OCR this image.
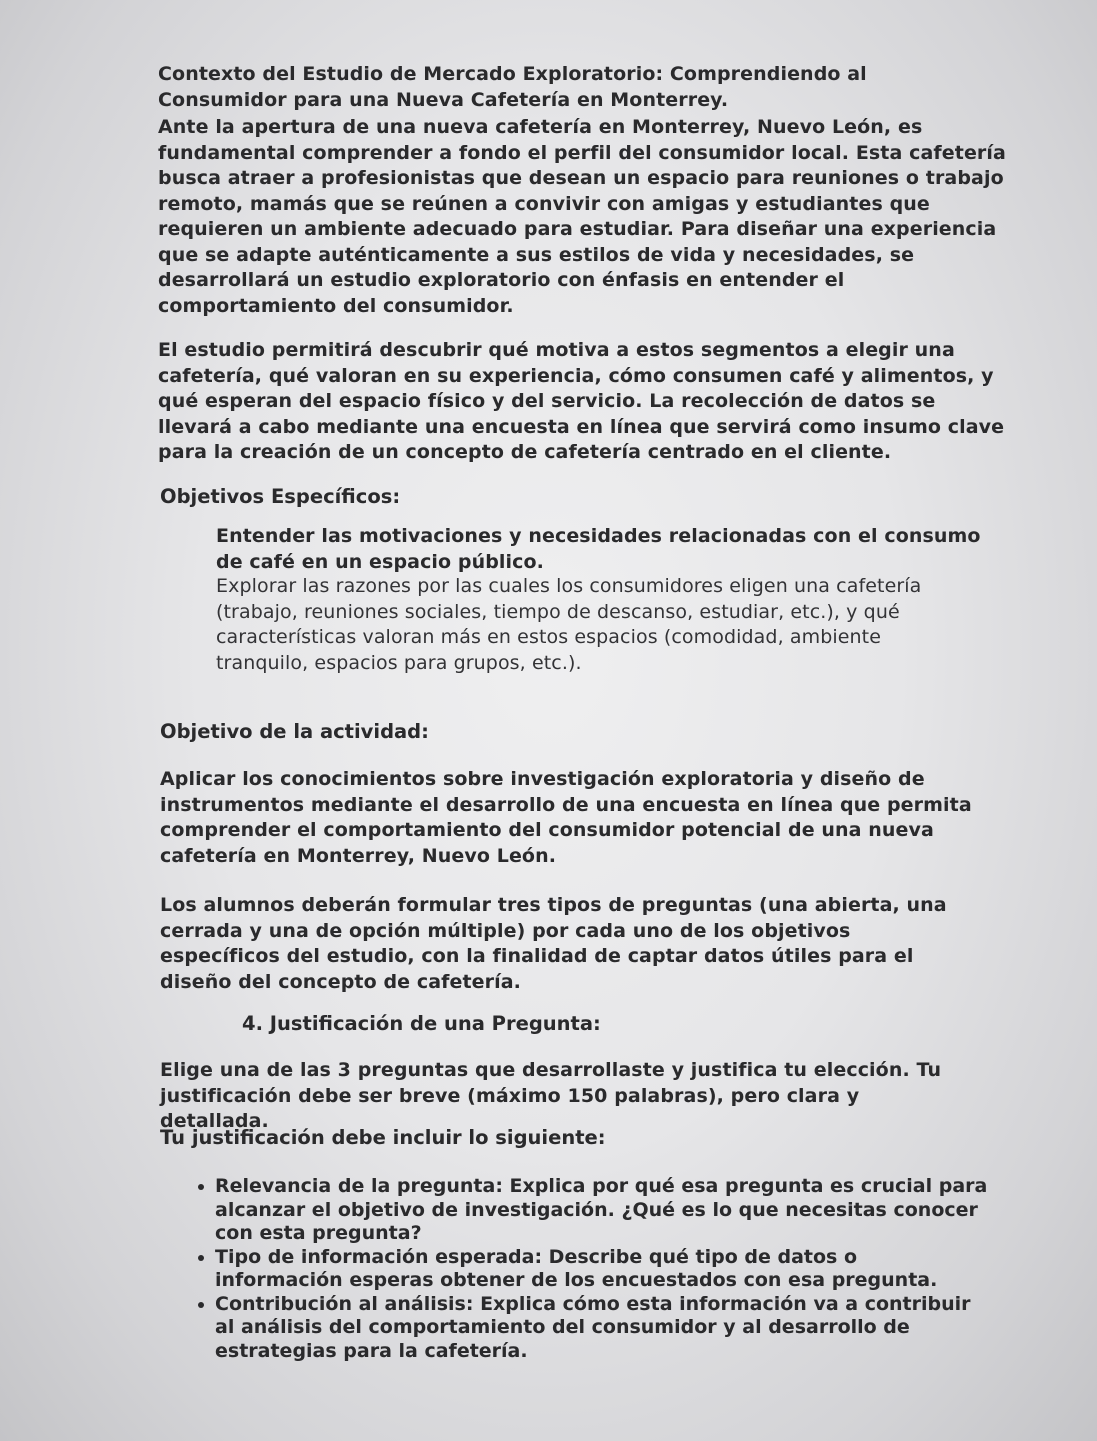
Contexto del Estudio de Mercado Exploratorio: Comprendiendo al Consumidor para una Nueva Cafetería en Monterrey.

Ante la apertura de una nueva cafetería en Monterrey, Nuevo León, es fundamental comprender a fondo el perfil del consumidor local. Esta cafetería busca atraer a profesionistas que desean un espacio para reuniones o trabajo remoto, mamás que se reúnen a convivir con amigas y estudiantes que requieren un ambiente adecuado para estudiar. Para diseñar una experiencia que se adapte auténticamente a sus estilos de vida y necesidades, se desarrollará un estudio exploratorio con énfasis en entender el comportamiento del consumidor.

El estudio permitirá descubrir qué motiva a estos segmentos a elegir una cafetería, qué valoran en su experiencia, cómo consumen café y alimentos, y qué esperan del espacio físico y del servicio. La recolección de datos se llevará a cabo mediante una encuesta en línea que servirá como insumo clave para la creación de un concepto de cafetería centrado en el cliente.

Objetivos Específicos:

Entender las motivaciones y necesidades relacionadas con el consumo de café en un espacio público.

Explorar las razones por las cuales los consumidores eligen una cafetería (trabajo, reuniones sociales, tiempo de descanso, estudiar, etc.), y qué características valoran más en estos espacios (comodidad, ambiente tranquilo, espacios para grupos, etc.).

Objetivo de la actividad:

Aplicar los conocimientos sobre investigación exploratoria y diseño de instrumentos mediante el desarrollo de una encuesta en línea que permita comprender el comportamiento del consumidor potencial de una nueva cafetería en Monterrey, Nuevo León.

Los alumnos deberán formular tres tipos de preguntas (una abierta, una cerrada y una de opción múltiple) por cada uno de los objetivos específicos del estudio, con la finalidad de captar datos útiles para el diseño del concepto de cafetería.

4. Justificación de una Pregunta:

Elige una de las 3 preguntas que desarrollaste y justifica tu elección. Tu justificación debe ser breve (máximo 150 palabras), pero clara y detallada.

Tu justificación debe incluir lo siguiente:

Relevancia de la pregunta: Explica por qué esa pregunta es crucial para alcanzar el objetivo de investigación. ¿Qué es lo que necesitas conocer con esta pregunta?
Tipo de información esperada: Describe qué tipo de datos o información esperas obtener de los encuestados con esa pregunta.
Contribución al análisis: Explica cómo esta información va a contribuir al análisis del comportamiento del consumidor y al desarrollo de estrategias para la cafetería.
